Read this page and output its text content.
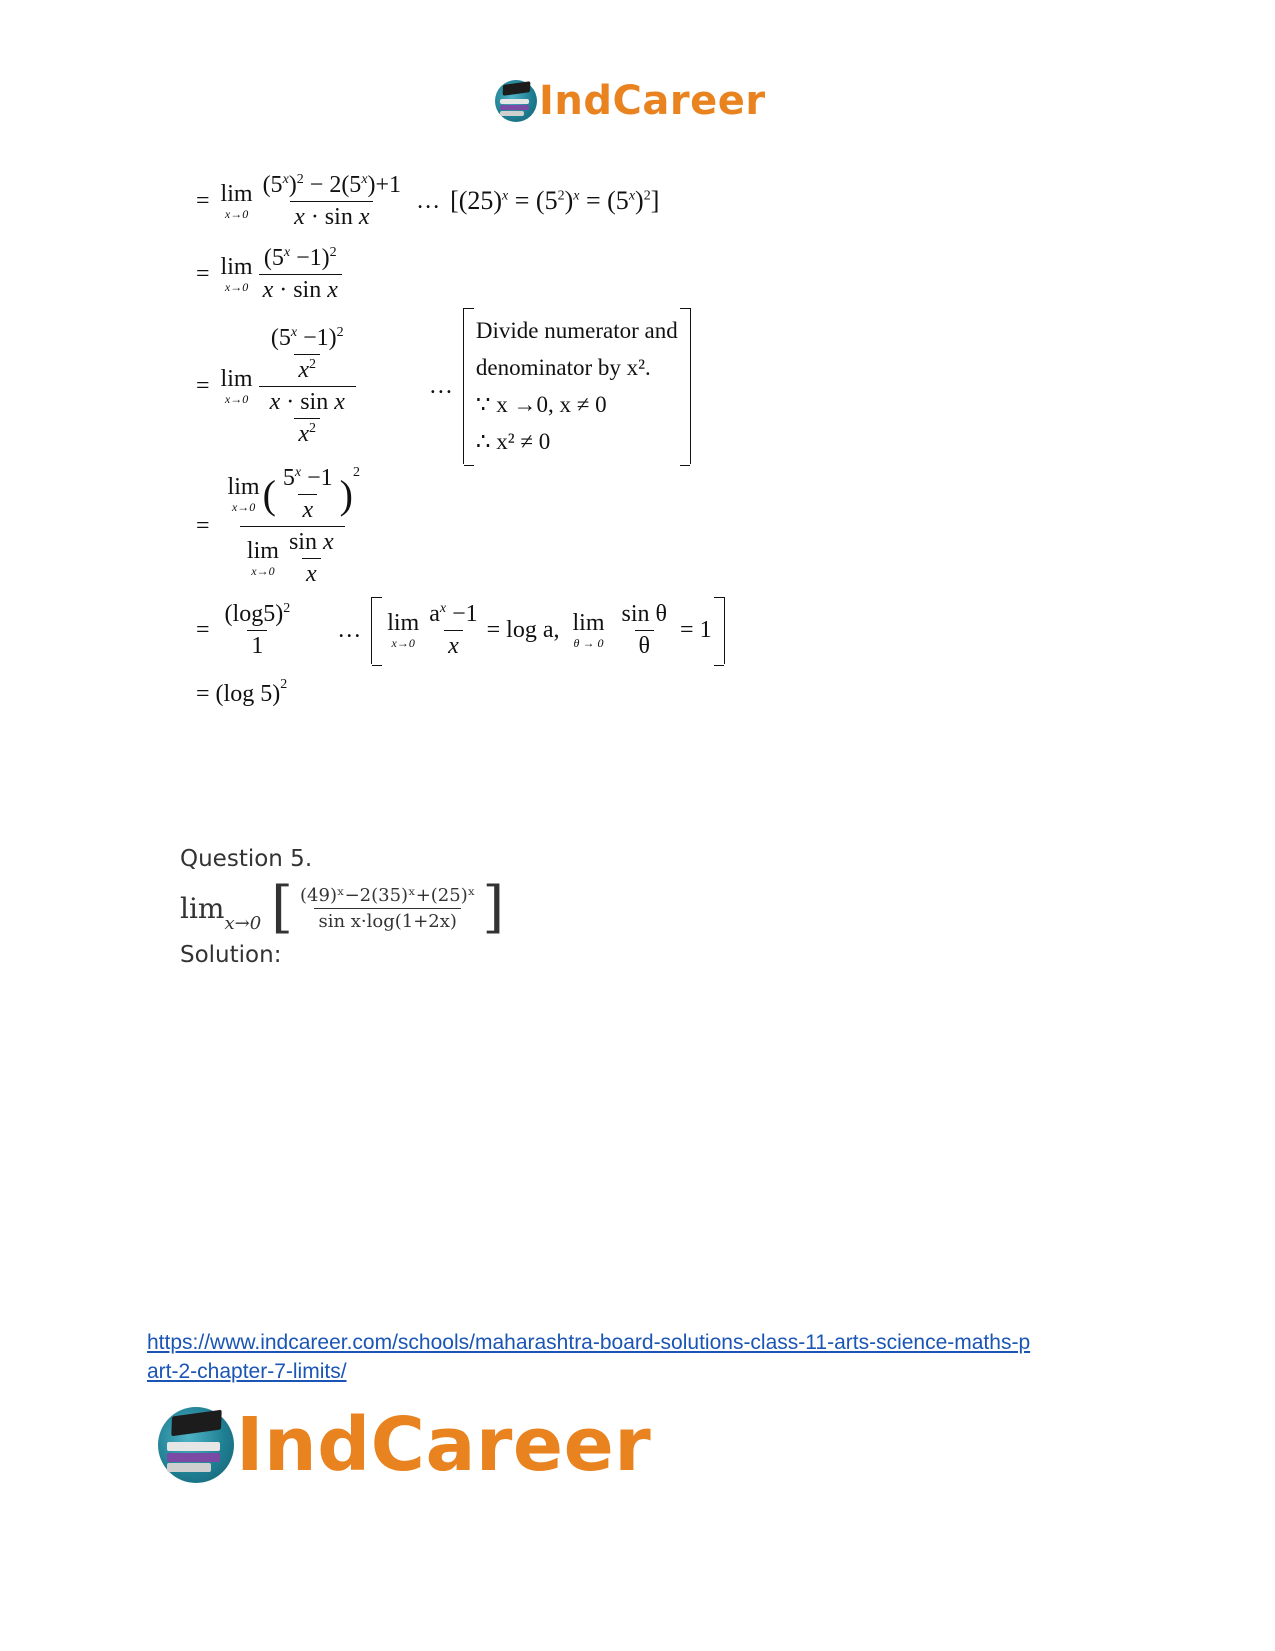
IndCareer
= lim
$x\to 0 \frac{(5^x)^2 - 2(5^x)+1}{\text{x · sin x}}$ … $[(25)^x = (5^2)^x = (5^x)^2]$
= lim
$x\to 0 \frac{(5^x -1)^2}{\text{x · sin x}}$
= lim
$x\to 0 \frac{\frac{(5^x -1)^2}{x^2}}{\frac{\text{x · sin x}}{x^2}}$	…
Divide numerator and
denominator by x².
∵ x →0, x ≠ 0
∴ x² ≠ 0
= lim
x→0 ( $\frac{5^x -1}{x} )^2$
lim
$x\to 0 \frac{\text{sin x}}{x}$
= $\frac{(\log 5)^2}{1}$ … lim
$x\to 0 \frac{a^x -1}{x} = \log a$, lim
$\theta \to 0 \frac{\text{sin θ}}{\theta} = 1$
= (log 5)$^2$
Question 5.
lim x→0 [ $\frac{\text{(49)ˣ−2(35)ˣ+(25)ˣ}}{\text{sin x·log(1+2x)}}$ ]
Solution:
https://www.indcareer.com/schools/maharashtra-board-solutions-class-11-arts-science-maths-p
art-2-chapter-7-limits/
IndCareer
